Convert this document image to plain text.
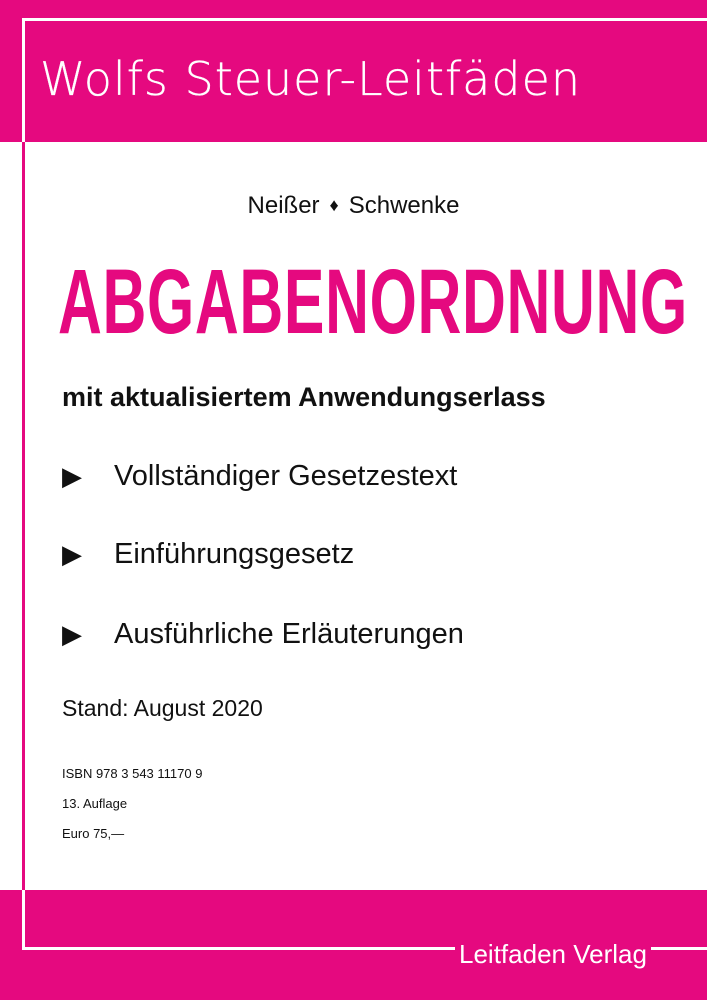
Wolfs Steuer-Leitfäden
Neißer ♦ Schwenke
ABGABENORDNUNG
mit aktualisiertem Anwendungserlass
▶ Vollständiger Gesetzestext
▶ Einführungsgesetz
▶ Ausführliche Erläuterungen
Stand: August 2020
ISBN 978 3 543 11170 9
13. Auflage
Euro 75,—
Leitfaden Verlag
